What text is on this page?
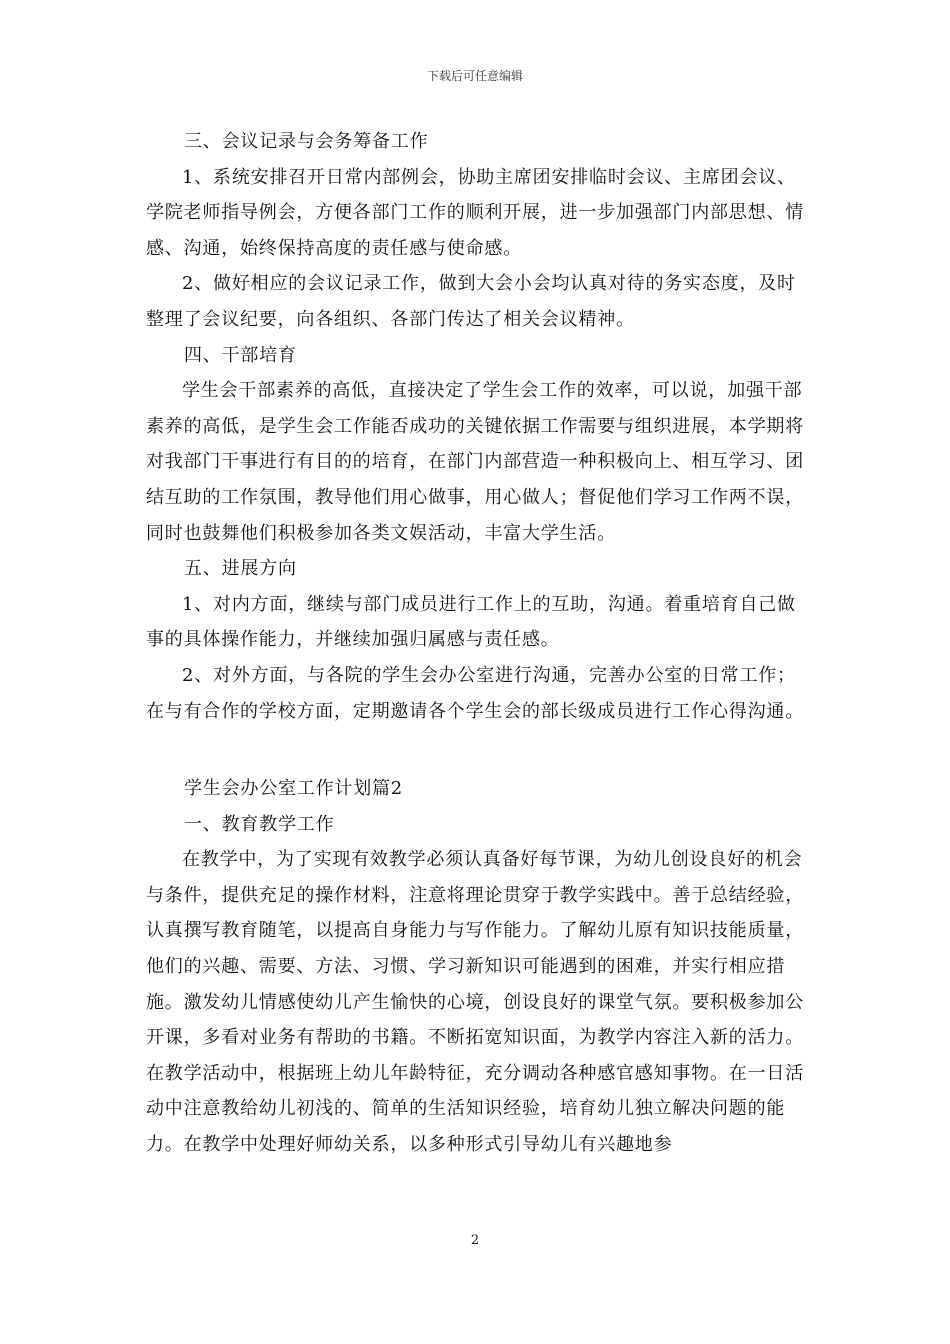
下载后可任意编辑

三、会议记录与会务筹备工作

1、系统安排召开日常内部例会，协助主席团安排临时会议、主席团会议、学院老师指导例会，方便各部门工作的顺利开展，进一步加强部门内部思想、情感、沟通，始终保持高度的责任感与使命感。

2、做好相应的会议记录工作，做到大会小会均认真对待的务实态度，及时整理了会议纪要，向各组织、各部门传达了相关会议精神。

四、干部培育

学生会干部素养的高低，直接决定了学生会工作的效率，可以说，加强干部素养的高低，是学生会工作能否成功的关键依据工作需要与组织进展，本学期将对我部门干事进行有目的的培育，在部门内部营造一种积极向上、相互学习、团结互助的工作氛围，教导他们用心做事，用心做人；督促他们学习工作两不误，同时也鼓舞他们积极参加各类文娱活动，丰富大学生活。

五、进展方向

1、对内方面，继续与部门成员进行工作上的互助，沟通。着重培育自己做事的具体操作能力，并继续加强归属感与责任感。

2、对外方面，与各院的学生会办公室进行沟通，完善办公室的日常工作；在与有合作的学校方面，定期邀请各个学生会的部长级成员进行工作心得沟通。

学生会办公室工作计划篇2

一、教育教学工作

在教学中，为了实现有效教学必须认真备好每节课，为幼儿创设良好的机会与条件，提供充足的操作材料，注意将理论贯穿于教学实践中。善于总结经验，认真撰写教育随笔，以提高自身能力与写作能力。了解幼儿原有知识技能质量，他们的兴趣、需要、方法、习惯、学习新知识可能遇到的困难，并实行相应措施。激发幼儿情感使幼儿产生愉快的心境，创设良好的课堂气氛。要积极参加公开课，多看对业务有帮助的书籍。不断拓宽知识面，为教学内容注入新的活力。在教学活动中，根据班上幼儿年龄特征，充分调动各种感官感知事物。在一日活动中注意教给幼儿初浅的、简单的生活知识经验，培育幼儿独立解决问题的能力。在教学中处理好师幼关系，以多种形式引导幼儿有兴趣地参

2
